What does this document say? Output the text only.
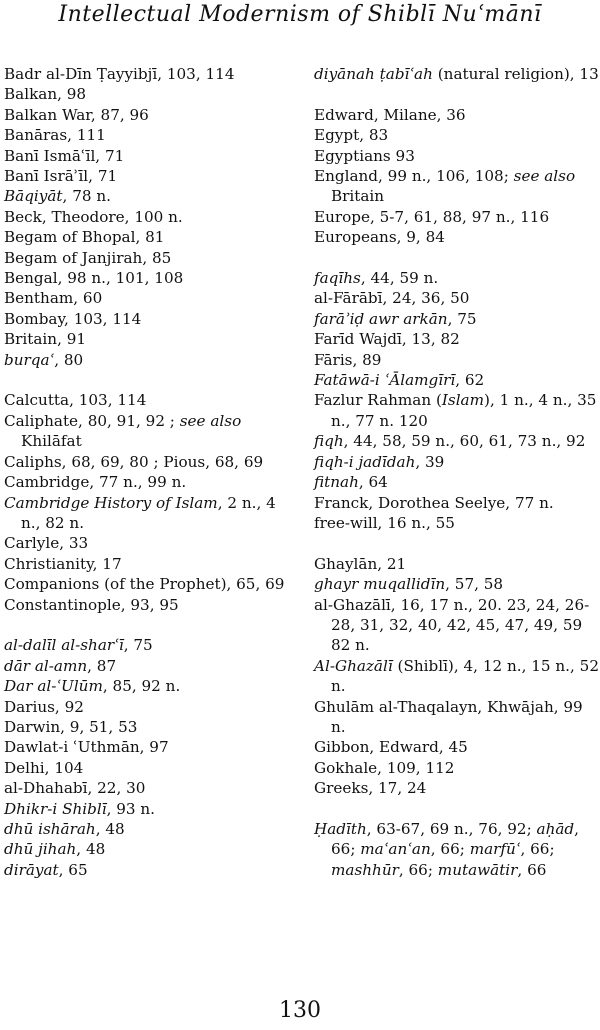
Intellectual Modernism of Shiblī Nuʿmānī

Badr al-Dīn Ṭayyibjī, 103, 114

Balkan, 98

Balkan War, 87, 96

Banāras, 111

Banī Ismāʿīl, 71

Banī Isrāʾīl, 71

Bāqiyāt, 78 n.

Beck, Theodore, 100 n.

Begam of Bhopal, 81

Begam of Janjirah, 85

Bengal, 98 n., 101, 108

Bentham, 60

Bombay, 103, 114

Britain, 91

burqaʿ, 80

Calcutta, 103, 114

Caliphate, 80, 91, 92 ; see also Khilāfat

Caliphs, 68, 69, 80 ; Pious, 68, 69

Cambridge, 77 n., 99 n.

Cambridge History of Islam, 2 n., 4 n., 82 n.

Carlyle, 33

Christianity, 17

Companions (of the Prophet), 65, 69

Constantinople, 93, 95

al-dalīl al-sharʿī, 75

dār al-amn, 87

Dar al-ʿUlūm, 85, 92 n.

Darius, 92

Darwin, 9, 51, 53

Dawlat-i ʿUthmān, 97

Delhi, 104

al-Dhahabī, 22, 30

Dhikr-i Shiblī, 93 n.

dhū ishārah, 48

dhū jihah, 48

dirāyat, 65

diyānah ṭabīʿah (natural religion), 13

Edward, Milane, 36

Egypt, 83

Egyptians 93

England, 99 n., 106, 108; see also Britain

Europe, 5-7, 61, 88, 97 n., 116

Europeans, 9, 84

faqīhs, 44, 59 n.

al-Fārābī, 24, 36, 50

farāʾiḍ awr arkān, 75

Farīd Wajdī, 13, 82

Fāris, 89

Fatāwā-i ʿĀlamgīrī, 62

Fazlur Rahman (Islam), 1 n., 4 n., 35 n., 77 n. 120

fiqh, 44, 58, 59 n., 60, 61, 73 n., 92

fiqh-i jadīdah, 39

fitnah, 64

Franck, Dorothea Seelye, 77 n.

free-will, 16 n., 55

Ghaylān, 21

ghayr muqallidīn, 57, 58

al-Ghazālī, 16, 17 n., 20. 23, 24, 26-28, 31, 32, 40, 42, 45, 47, 49, 59 82 n.

Al-Ghazālī (Shiblī), 4, 12 n., 15 n., 52 n.

Ghulām al-Thaqalayn, Khwājah, 99 n.

Gibbon, Edward, 45

Gokhale, 109, 112

Greeks, 17, 24

Ḥadīth, 63-67, 69 n., 76, 92; aḥād, 66; maʿanʿan, 66; marfūʿ, 66; mashhūr, 66; mutawātir, 66

130
